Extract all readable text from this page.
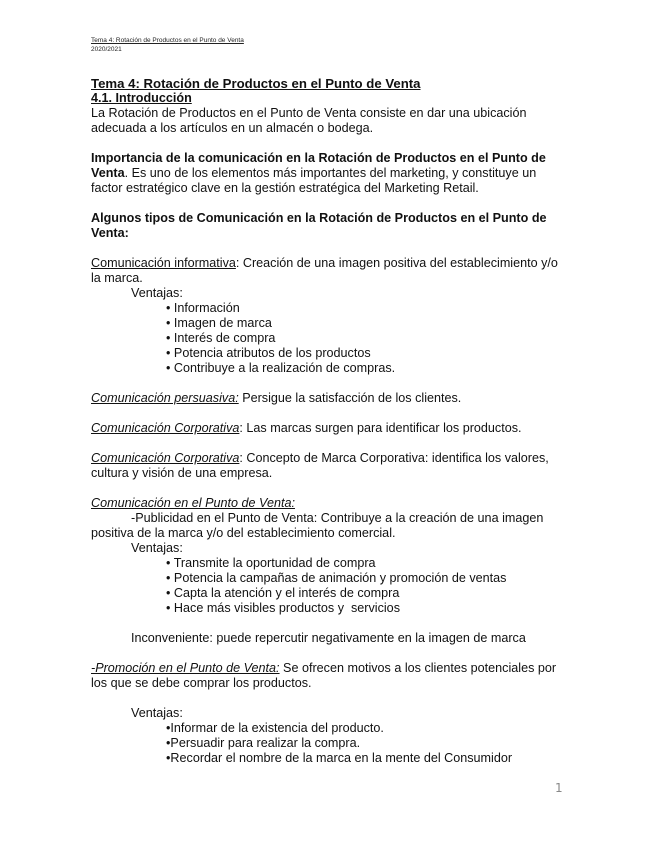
Tema 4: Rotación de Productos en el Punto de Venta
2020/2021
Tema 4: Rotación de Productos en el Punto de Venta
4.1. Introducción

La Rotación de Productos en el Punto de Venta consiste en dar una ubicación adecuada a los artículos en un almacén o bodega.

Importancia de la comunicación en la Rotación de Productos en el Punto de Venta. Es uno de los elementos más importantes del marketing, y constituye un factor estratégico clave en la gestión estratégica del Marketing Retail.

Algunos tipos de Comunicación en la Rotación de Productos en el Punto de Venta:

Comunicación informativa: Creación de una imagen positiva del establecimiento y/o la marca.

Ventajas:
• Información
• Imagen de marca
• Interés de compra
• Potencia atributos de los productos
• Contribuye a la realización de compras.

Comunicación persuasiva: Persigue la satisfacción de los clientes.

Comunicación Corporativa: Las marcas surgen para identificar los productos.

Comunicación Corporativa: Concepto de Marca Corporativa: identifica los valores, cultura y visión de una empresa.

Comunicación en el Punto de Venta:

-Publicidad en el Punto de Venta: Contribuye a la creación de una imagen positiva de la marca y/o del establecimiento comercial.

Ventajas:
• Transmite la oportunidad de compra
• Potencia la campañas de animación y promoción de ventas
• Capta la atención y el interés de compra
• Hace más visibles productos y  servicios
Inconveniente: puede repercutir negativamente en la imagen de marca

-Promoción en el Punto de Venta: Se ofrecen motivos a los clientes potenciales por

los que se debe comprar los productos.

Ventajas:
• Informar de la existencia del producto.
• Persuadir para realizar la compra.
• Recordar el nombre de la marca en la mente del Consumidor
1
